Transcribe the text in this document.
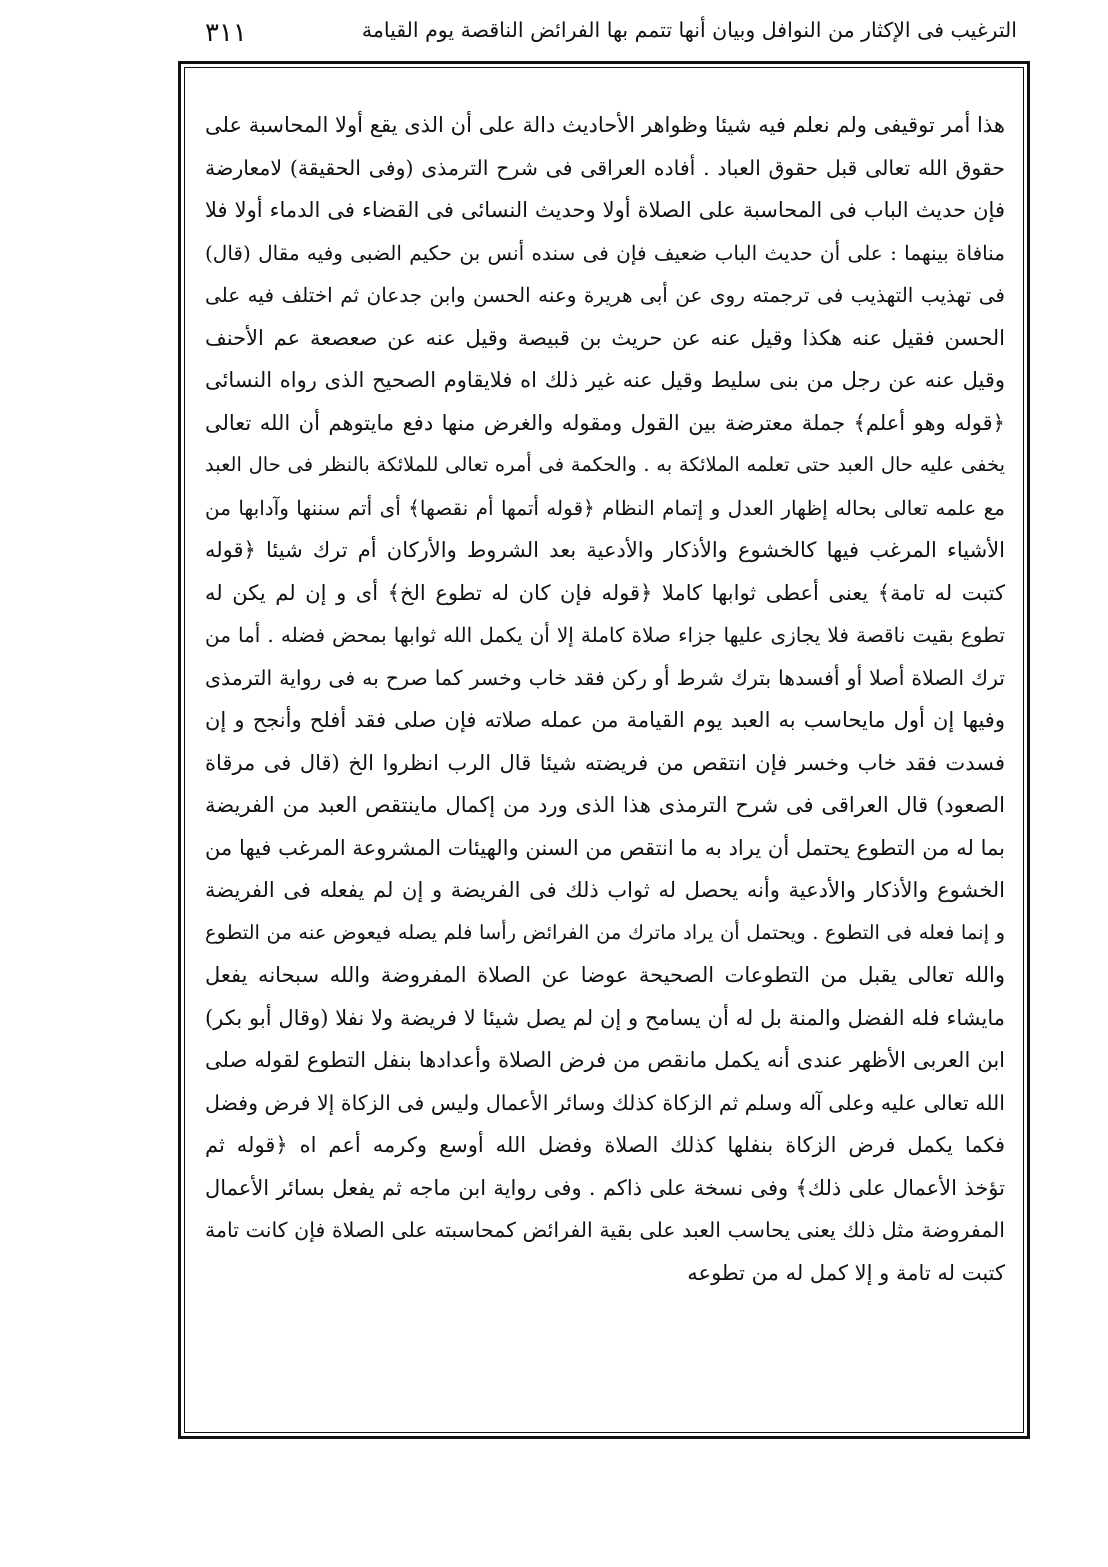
الترغيب فى الإكثار من النوافل وبيان أنها تتمم بها الفرائض الناقصة يوم القيامة
٣١١
هذا أمر توقيفى ولم نعلم فيه شيئا وظواهر الأحاديث دالة على أن الذى يقع أولا المحاسبة على
حقوق الله تعالى قبل حقوق العباد . أفاده العراقى فى شرح الترمذى (وفى الحقيقة) لامعارضة
فإن حديث الباب فى المحاسبة على الصلاة أولا وحديث النسائى فى القضاء فى الدماء أولا فلا
منافاة بينهما : على أن حديث الباب ضعيف فإن فى سنده أنس بن حكيم الضبى وفيه مقال (قال)
فى تهذيب التهذيب فى ترجمته روى عن أبى هريرة وعنه الحسن وابن جدعان ثم اختلف فيه على
الحسن فقيل عنه هكذا وقيل عنه عن حريث بن قبيصة وقيل عنه عن صعصعة عم الأحنف
وقيل عنه عن رجل من بنى سليط وقيل عنه غير ذلك اه فلايقاوم الصحيح الذى رواه النسائى
﴿قوله وهو أعلم﴾ جملة معترضة بين القول ومقوله والغرض منها دفع مايتوهم أن الله تعالى
يخفى عليه حال العبد حتى تعلمه الملائكة به . والحكمة فى أمره تعالى للملائكة بالنظر فى حال العبد
مع علمه تعالى بحاله إظهار العدل و إتمام النظام ﴿قوله أتمها أم نقصها﴾ أى أتم سننها وآدابها من
الأشياء المرغب فيها كالخشوع والأذكار والأدعية بعد الشروط والأركان أم ترك شيئا ﴿قوله
كتبت له تامة﴾ يعنى أعطى ثوابها كاملا ﴿قوله فإن كان له تطوع الخ﴾ أى و إن لم يكن له
تطوع بقيت ناقصة فلا يجازى عليها جزاء صلاة كاملة إلا أن يكمل الله ثوابها بمحض فضله . أما من
ترك الصلاة أصلا أو أفسدها بترك شرط أو ركن فقد خاب وخسر كما صرح به فى رواية الترمذى
وفيها إن أول مايحاسب به العبد يوم القيامة من عمله صلاته فإن صلى فقد أفلح وأنجح و إن
فسدت فقد خاب وخسر فإن انتقص من فريضته شيئا قال الرب انظروا الخ (قال فى مرقاة
الصعود) قال العراقى فى شرح الترمذى هذا الذى ورد من إكمال ماينتقص العبد من الفريضة
بما له من التطوع يحتمل أن يراد به ما انتقص من السنن والهيئات المشروعة المرغب فيها من
الخشوع والأذكار والأدعية وأنه يحصل له ثواب ذلك فى الفريضة و إن لم يفعله فى الفريضة
و إنما فعله فى التطوع . ويحتمل أن يراد ماترك من الفرائض رأسا فلم يصله فيعوض عنه من التطوع
والله تعالى يقبل من التطوعات الصحيحة عوضا عن الصلاة المفروضة والله سبحانه يفعل
مايشاء فله الفضل والمنة بل له أن يسامح و إن لم يصل شيئا لا فريضة ولا نفلا (وقال أبو بكر)
ابن العربى الأظهر عندى أنه يكمل مانقص من فرض الصلاة وأعدادها بنفل التطوع لقوله صلى
الله تعالى عليه وعلى آله وسلم ثم الزكاة كذلك وسائر الأعمال وليس فى الزكاة إلا فرض وفضل
فكما يكمل فرض الزكاة بنفلها كذلك الصلاة وفضل الله أوسع وكرمه أعم اه ﴿قوله ثم
تؤخذ الأعمال على ذلك﴾ وفى نسخة على ذاكم . وفى رواية ابن ماجه ثم يفعل بسائر الأعمال
المفروضة مثل ذلك يعنى يحاسب العبد على بقية الفرائض كمحاسبته على الصلاة فإن كانت تامة
كتبت له تامة و إلا كمل له من تطوعه
